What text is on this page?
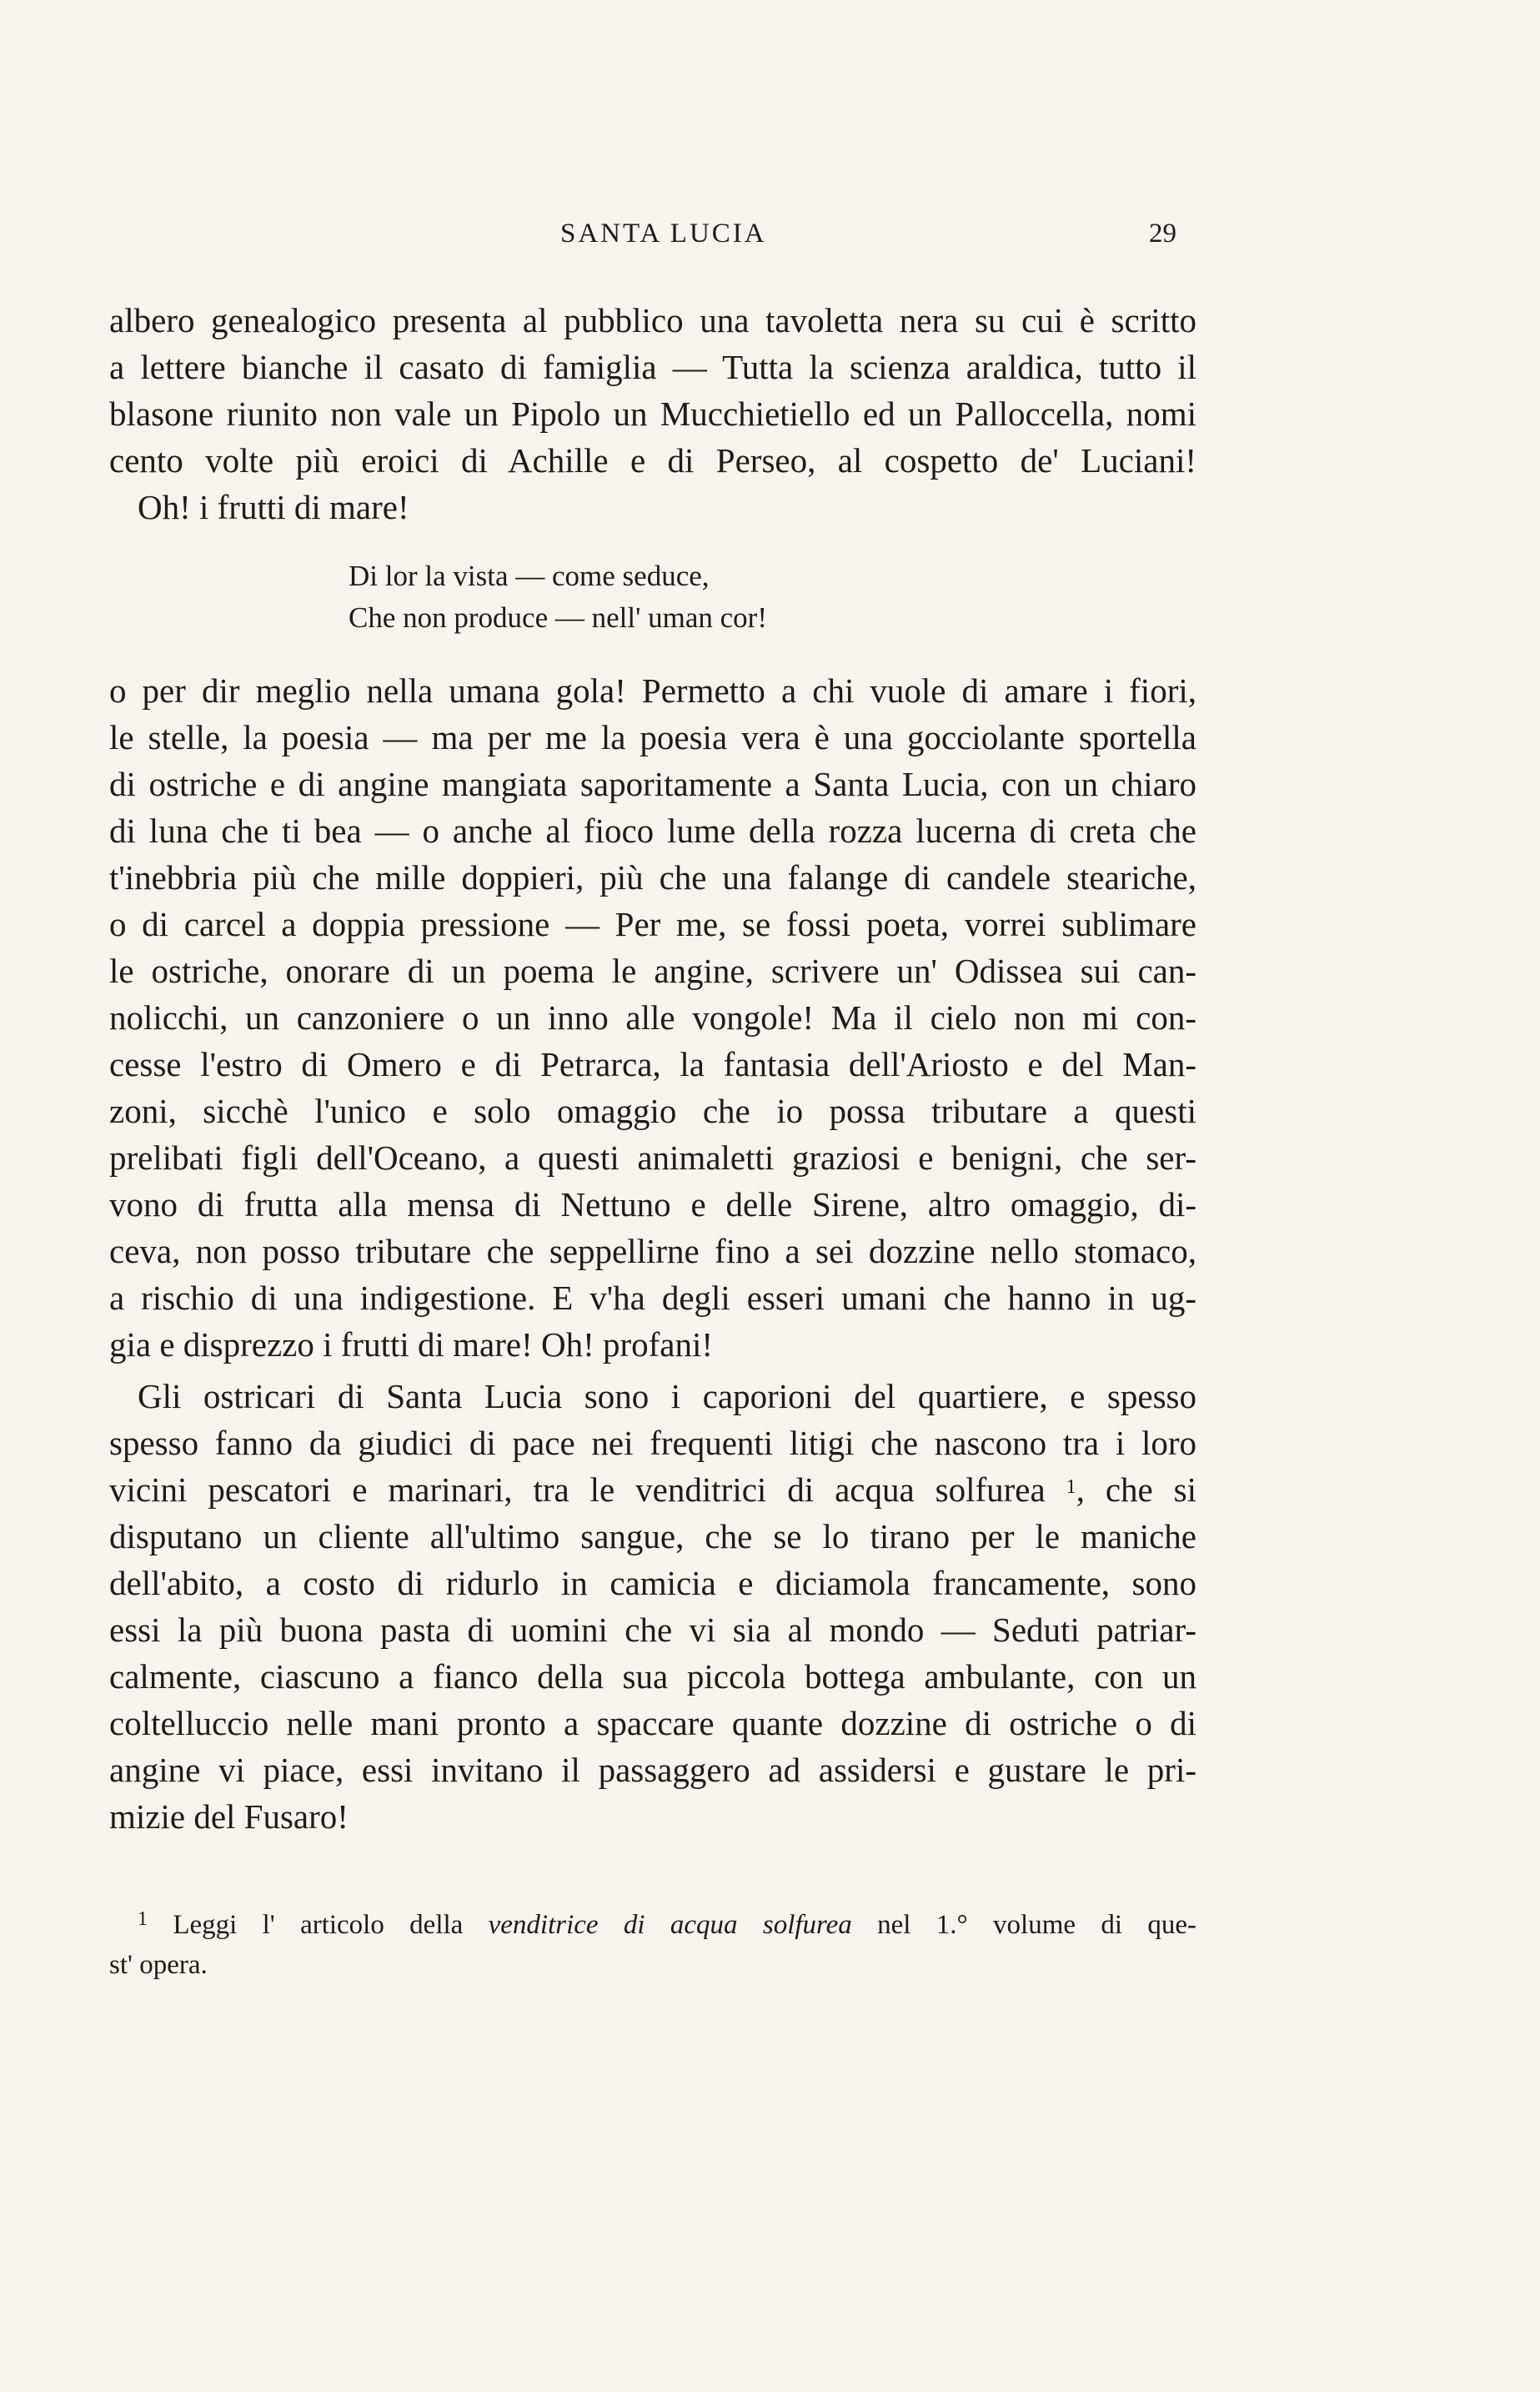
SANTA LUCIA	29
albero genealogico presenta al pubblico una tavoletta nera su cui è scritto
a lettere bianche il casato di famiglia — Tutta la scienza araldica, tutto il
blasone riunito non vale un Pipolo un Mucchietiello ed un Palloccella, nomi
cento volte più eroici di Achille e di Perseo, al cospetto de' Luciani!
Oh! i frutti di mare!
Di lor la vista — come seduce,
Che non produce — nell' uman cor!
o per dir meglio nella umana gola! Permetto a chi vuole di amare i fiori,
le stelle, la poesia — ma per me la poesia vera è una gocciolante sportella
di ostriche e di angine mangiata saporitamente a Santa Lucia, con un chiaro
di luna che ti bea — o anche al fioco lume della rozza lucerna di creta che
t'inebbria più che mille doppieri, più che una falange di candele steariche,
o di carcel a doppia pressione — Per me, se fossi poeta, vorrei sublimare
le ostriche, onorare di un poema le angine, scrivere un' Odissea sui can-
nolicchi, un canzoniere o un inno alle vongole! Ma il cielo non mi con-
cesse l'estro di Omero e di Petrarca, la fantasia dell'Ariosto e del Man-
zoni, sicchè l'unico e solo omaggio che io possa tributare a questi
prelibati figli dell'Oceano, a questi animaletti graziosi e benigni, che ser-
vono di frutta alla mensa di Nettuno e delle Sirene, altro omaggio, di-
ceva, non posso tributare che seppellirne fino a sei dozzine nello stomaco,
a rischio di una indigestione. E v'ha degli esseri umani che hanno in ug-
gia e disprezzo i frutti di mare! Oh! profani!
Gli ostricari di Santa Lucia sono i caporioni del quartiere, e spesso
spesso fanno da giudici di pace nei frequenti litigi che nascono tra i loro
vicini pescatori e marinari, tra le venditrici di acqua solfurea $^1$, che si
disputano un cliente all'ultimo sangue, che se lo tirano per le maniche
dell'abito, a costo di ridurlo in camicia e diciamola francamente, sono
essi la più buona pasta di uomini che vi sia al mondo — Seduti patriar-
calmente, ciascuno a fianco della sua piccola bottega ambulante, con un
coltelluccio nelle mani pronto a spaccare quante dozzine di ostriche o di
angine vi piace, essi invitano il passaggero ad assidersi e gustare le pri-
mizie del Fusaro!
$^1$ Leggi l' articolo della venditrice di acqua solfurea nel 1.° volume di que-
st' opera.
